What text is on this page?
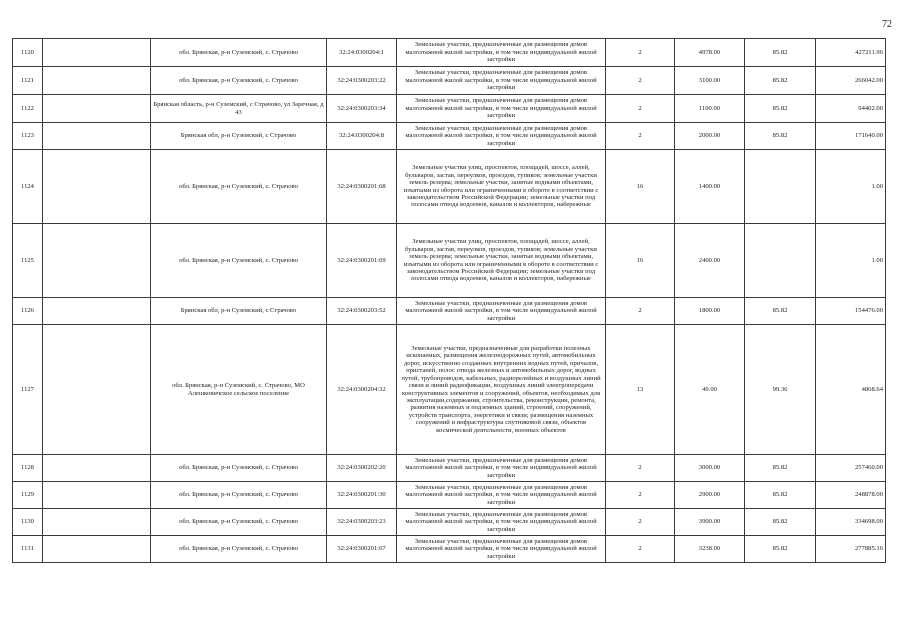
72
1120		обл. Брянская, р-н Суземский, с. Страчово	32:24:0300204:1	Земельные участки, предназначенные для размещения домов малоэтажной жилой застройки, в том числе индивидуальной жилой застройки	2	4978.00	85.82	427211.96
1121		обл. Брянская, р-н Суземский, с. Страчово	32:24:0300203:22	Земельные участки, предназначенные для размещения домов малоэтажной жилой застройки, в том числе индивидуальной жилой застройки	2	3100.00	85.82	266042.00
1122		Брянская область, р-н Суземский, с Страчово, ул Заречная, д 43	32:24:0300203:34	Земельные участки, предназначенные для размещения домов малоэтажной жилой застройки, в том числе индивидуальной жилой застройки	2	1100.00	85.82	94402.00
1123		Брянская обл, р-н Суземский, с Страчово	32:24:0300204:8	Земельные участки, предназначенные для размещения домов малоэтажной жилой застройки, в том числе индивидуальной жилой застройки	2	2000.00	85.82	171640.00
1124		обл. Брянская, р-н Суземский, с. Страчово	32:24:0300201:68	Земельные участки улиц, проспектов, площадей, шоссе, аллей, бульваров, застав, переулков, проездов, тупиков; земельные участки земель резерва; земельные участки, занятые водными объектами, изъятыми из оборота или ограниченными в обороте в соответствии с законодательством Российской Федерации; земельные участки под полосами отвода водоемов, каналов и коллекторов, набережные	16	1400.00		1.00
1125		обл. Брянская, р-н Суземский, с. Страчово	32:24:0300201:69	Земельные участки улиц, проспектов, площадей, шоссе, аллей, бульваров, застав, переулков, проездов, тупиков; земельные участки земель резерва; земельные участки, занятые водными объектами, изъятыми из оборота или ограниченными в обороте в соответствии с законодательством Российской Федерации; земельные участки под полосами отвода водоемов, каналов и коллекторов, набережные	16	2400.00		1.00
1126		Брянская обл, р-н Суземский, с Страчово	32:24:0300203:52	Земельные участки, предназначенные для размещения домов малоэтажной жилой застройки, в том числе индивидуальной жилой застройки	2	1800.00	85.82	154476.00
1127		обл. Брянская, р-н Суземский, с. Страчово, МО Алешковичское сельское поселение	32:24:0300204:32	Земельные участки, предназначенные для разработки полезных ископаемых, размещения железнодорожных путей, автомобильных дорог, искусственно созданных внутренних водных путей, причалов, пристаней, полос отвода железных и автомобильных дорог, водных путей, трубопроводов, кабельных, радиорелейных и воздушных линий связи и линий радиофикации, воздушных линий электропередачи конструктивных элементов и сооружений, объектов, необходимых для эксплуатации,содержания, строительства, реконструкции, ремонта, развития наземных и подземных зданий, строений, сооружений, устройств транспорта, энергетики и связи; размещения наземных сооружений и инфраструктуры спутниковой связи, объектов космической деятельности, военных объектов	13	49.00	99.36	4868.64
1128		обл. Брянская, р-н Суземский, с. Страчово	32:24:0300202:20	Земельные участки, предназначенные для размещения домов малоэтажной жилой застройки, в том числе индивидуальной жилой застройки	2	3000.00	85.82	257460.00
1129		обл. Брянская, р-н Суземский, с. Страчово	32:24:0300201:30	Земельные участки, предназначенные для размещения домов малоэтажной жилой застройки, в том числе индивидуальной жилой застройки	2	2900.00	85.82	248878.00
1130		обл. Брянская, р-н Суземский, с. Страчово	32:24:0300203:23	Земельные участки, предназначенные для размещения домов малоэтажной жилой застройки, в том числе индивидуальной жилой застройки	2	3900.00	85.82	334698.00
1131		обл. Брянская, р-н Суземский, с. Страчово	32:24:0300201:67	Земельные участки, предназначенные для размещения домов малоэтажной жилой застройки, в том числе индивидуальной жилой застройки	2	3238.00	85.82	277885.16
